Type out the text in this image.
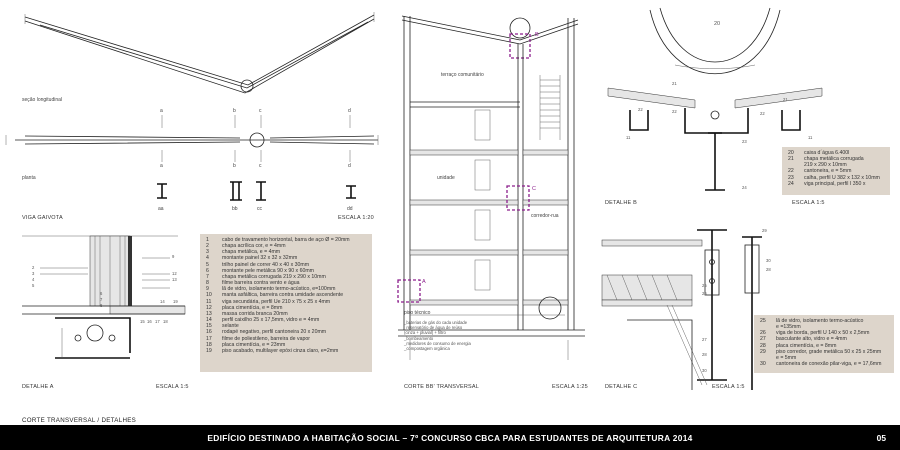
seção longitudinal
planta
a
a
b
b
c
c
d
d
aa	bb	cc	dd
VIGA GAIVOTA	ESCALA 1:20
2
3
4
5
9
12
13
14
15 16 17 18
19
6
7
8
DETALHE A	ESCALA 1:5
1	cabo de travamento horizontal, barra de aço Ø = 20mm
2	chapa acrílica cor, e = 4mm
3	chapa metálica, e = 4mm
4	montante painel 32 x 32 x 32mm
5	trilho painel de correr 40 x 40 x 30mm
6	montante pele metálica 90 x 90 x 60mm
7	chapa metálica corrugada 219 x 290 x 10mm
8	filme barreira contra vento e água
9	lã de vidro, isolamento termo-acústico, e=100mm
10	manta asfáltica, barreira contra umidade ascendente
11	viga secundária, perfil Ue 210 x 75 x 25 x 4mm
12	placa cimentícia, e = 8mm
13	massa corrida branca 20mm
14	perfil caixilho 25 x 17,5mm, vidro e = 4mm
15	selante
16	rodapé negativo, perfil cantoneira 20 x 20mm
17	filme de poliestileno, barreira de vapor
18	placa cimentícia, e = 23mm
19	piso acabado, multilayer epóxi cinza claro, e=2mm
terraço comunitário
unidade
corredor-rua
piso técnico
A
B
C
_baterias de gás do cada unidade
_reservatório de água de reúso
(cinza + pluvial) + filtro
_bombeamento
_medidores de consumo de energia
_compostagem orgânica
CORTE BB' TRANSVERSAL	ESCALA 1:25
20
21
22	22
11
23
11
24
22
21
DETALHE B	ESCALA 1:5
20	caixa d´água 6.400l
21	chapa metálica corrugada
219 x 290 x 10mm
22	cantoneira, e = 5mm
23	calha, perfil U 382 x 132 x 10mm
24	viga principal, perfil I 350 x
29
30
28
25
26
27
28
30
DETALHE C	ESCALA 1:5
25	lã de vidro, isolamento termo-acústico
e =135mm
26	viga de borda, perfil U 140 x 50 x 2,5mm
27	basculante alto, vidro e = 4mm
28	placa cimentícia, e = 8mm
29	piso corredor, grade metálica 50 x 25 x 25mm
e = 5mm
30	cantoneira de conexão pilar-viga, e = 17,6mm
CORTE TRANSVERSAL / DETALHES
EDIFÍCIO DESTINADO A HABITAÇÃO SOCIAL – 7º CONCURSO CBCA PARA ESTUDANTES DE ARQUITETURA 2014	05
